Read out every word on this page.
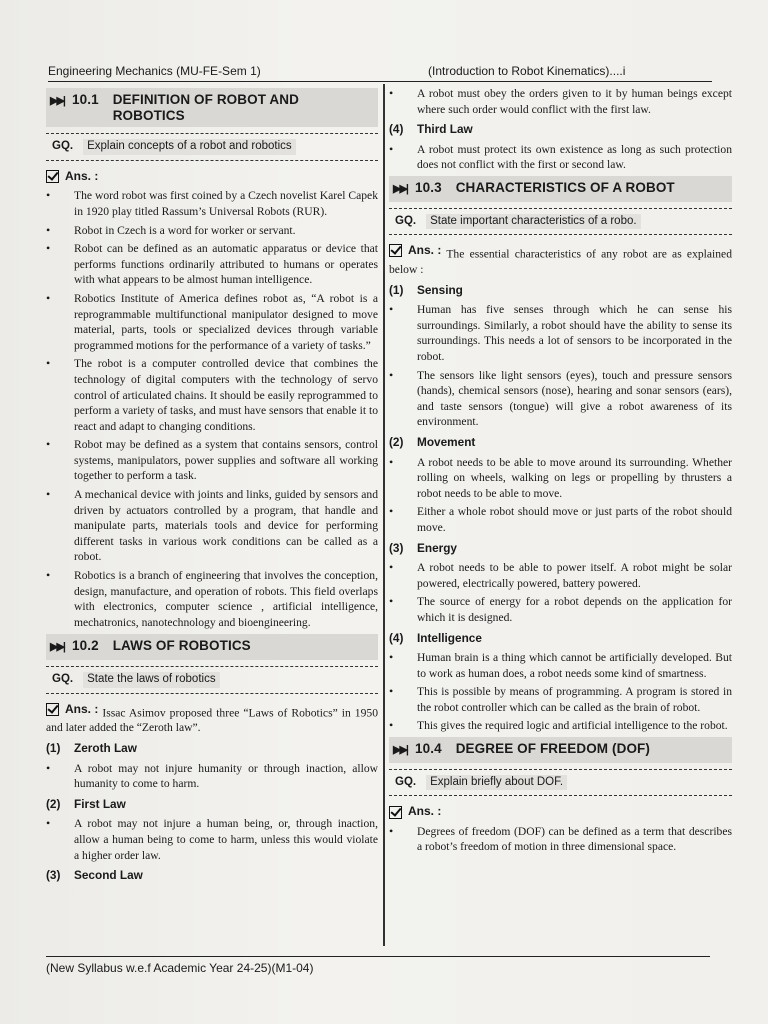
Engineering Mechanics (MU-FE-Sem 1)	(Introduction to Robot Kinematics)....i
▶▶| 10.1 DEFINITION OF ROBOT AND ROBOTICS
GQ.	Explain concepts of a robot and robotics
Ans. :
• The word robot was first coined by a Czech novelist Karel Capek in 1920 play titled Rassum’s Universal Robots (RUR).
• Robot in Czech is a word for worker or servant.
• Robot can be defined as an automatic apparatus or device that performs functions ordinarily attributed to humans or operates with what appears to be almost human intelligence.
• Robotics Institute of America defines robot as, “A robot is a reprogrammable multifunctional manipulator designed to move material, parts, tools or specialized devices through variable programmed motions for the performance of a variety of tasks.”
• The robot is a computer controlled device that combines the technology of digital computers with the technology of servo control of articulated chains. It should be easily reprogrammed to perform a variety of tasks, and must have sensors that enable it to react and adapt to changing conditions.
• Robot may be defined as a system that contains sensors, control systems, manipulators, power supplies and software all working together to perform a task.
• A mechanical device with joints and links, guided by sensors and driven by actuators controlled by a program, that handle and manipulate parts, materials tools and device for performing different tasks in various work conditions can be called as a robot.
• Robotics is a branch of engineering that involves the conception, design, manufacture, and operation of robots. This field overlaps with electronics, computer science , artificial intelligence, mechatronics, nanotechnology and bioengineering.
▶▶| 10.2 LAWS OF ROBOTICS
GQ.	State the laws of robotics
Ans. : Issac Asimov proposed three “Laws of Robotics” in 1950 and later added the “Zeroth law”.
(1)	Zeroth Law
• A robot may not injure humanity or through inaction, allow humanity to come to harm.
(2)	First Law
• A robot may not injure a human being, or, through inaction, allow a human being to come to harm, unless this would violate a higher order law.
(3)	Second Law
• A robot must obey the orders given to it by human beings except where such order would conflict with the first law.
(4)	Third Law
• A robot must protect its own existence as long as such protection does not conflict with the first or second law.
▶▶| 10.3 CHARACTERISTICS OF A ROBOT
GQ.	State important characteristics of a robo.
Ans. : The essential characteristics of any robot are as explained below :
(1)	Sensing
• Human has five senses through which he can sense his surroundings. Similarly, a robot should have the ability to sense its surroundings. This needs a lot of sensors to be incorporated in the robot.
• The sensors like light sensors (eyes), touch and pressure sensors (hands), chemical sensors (nose), hearing and sonar sensors (ears), and taste sensors (tongue) will give a robot awareness of its environment.
(2)	Movement
• A robot needs to be able to move around its surrounding. Whether rolling on wheels, walking on legs or propelling by thrusters a robot needs to be able to move.
• Either a whole robot should move or just parts of the robot should move.
(3)	Energy
• A robot needs to be able to power itself. A robot might be solar powered, electrically powered, battery powered.
• The source of energy for a robot depends on the application for which it is designed.
(4)	Intelligence
• Human brain is a thing which cannot be artificially developed. But to work as human does, a robot needs some kind of smartness.
• This is possible by means of programming. A program is stored in the robot controller which can be called as the brain of robot.
• This gives the required logic and artificial intelligence to the robot.
▶▶| 10.4 DEGREE OF FREEDOM (DOF)
GQ.	Explain briefly about DOF.
Ans. :
• Degrees of freedom (DOF) can be defined as a term that describes a robot’s freedom of motion in three dimensional space.
(New Syllabus w.e.f Academic Year 24-25)(M1-04)
